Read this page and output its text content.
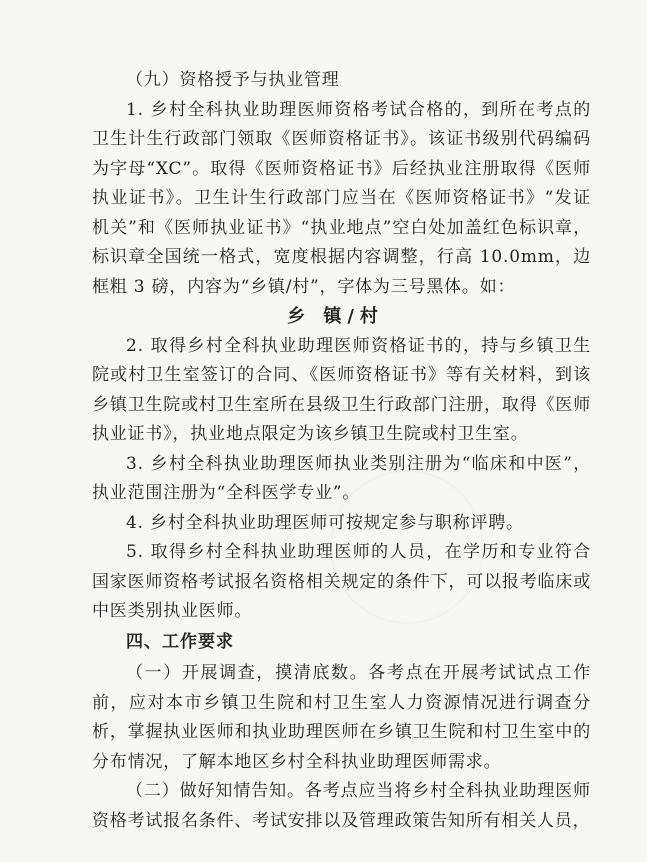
（九）资格授予与执业管理

1. 乡村全科执业助理医师资格考试合格的，到所在考点的卫生计生行政部门领取《医师资格证书》。该证书级别代码编码为字母“XC”。取得《医师资格证书》后经执业注册取得《医师执业证书》。卫生计生行政部门应当在《医师资格证书》“发证机关”和《医师执业证书》“执业地点”空白处加盖红色标识章，标识章全国统一格式，宽度根据内容调整，行高 10.0mm，边框粗 3 磅，内容为“乡镇/村”，字体为三号黑体。如：

乡 镇/村

2. 取得乡村全科执业助理医师资格证书的，持与乡镇卫生院或村卫生室签订的合同、《医师资格证书》等有关材料，到该乡镇卫生院或村卫生室所在县级卫生行政部门注册，取得《医师执业证书》，执业地点限定为该乡镇卫生院或村卫生室。

3. 乡村全科执业助理医师执业类别注册为“临床和中医”，执业范围注册为“全科医学专业”。

4. 乡村全科执业助理医师可按规定参与职称评聘。

5. 取得乡村全科执业助理医师的人员，在学历和专业符合国家医师资格考试报名资格相关规定的条件下，可以报考临床或中医类别执业医师。

四、工作要求

（一）开展调查，摸清底数。各考点在开展考试试点工作前，应对本市乡镇卫生院和村卫生室人力资源情况进行调查分析，掌握执业医师和执业助理医师在乡镇卫生院和村卫生室中的分布情况，了解本地区乡村全科执业助理医师需求。

（二）做好知情告知。各考点应当将乡村全科执业助理医师资格考试报名条件、考试安排以及管理政策告知所有相关人员，
